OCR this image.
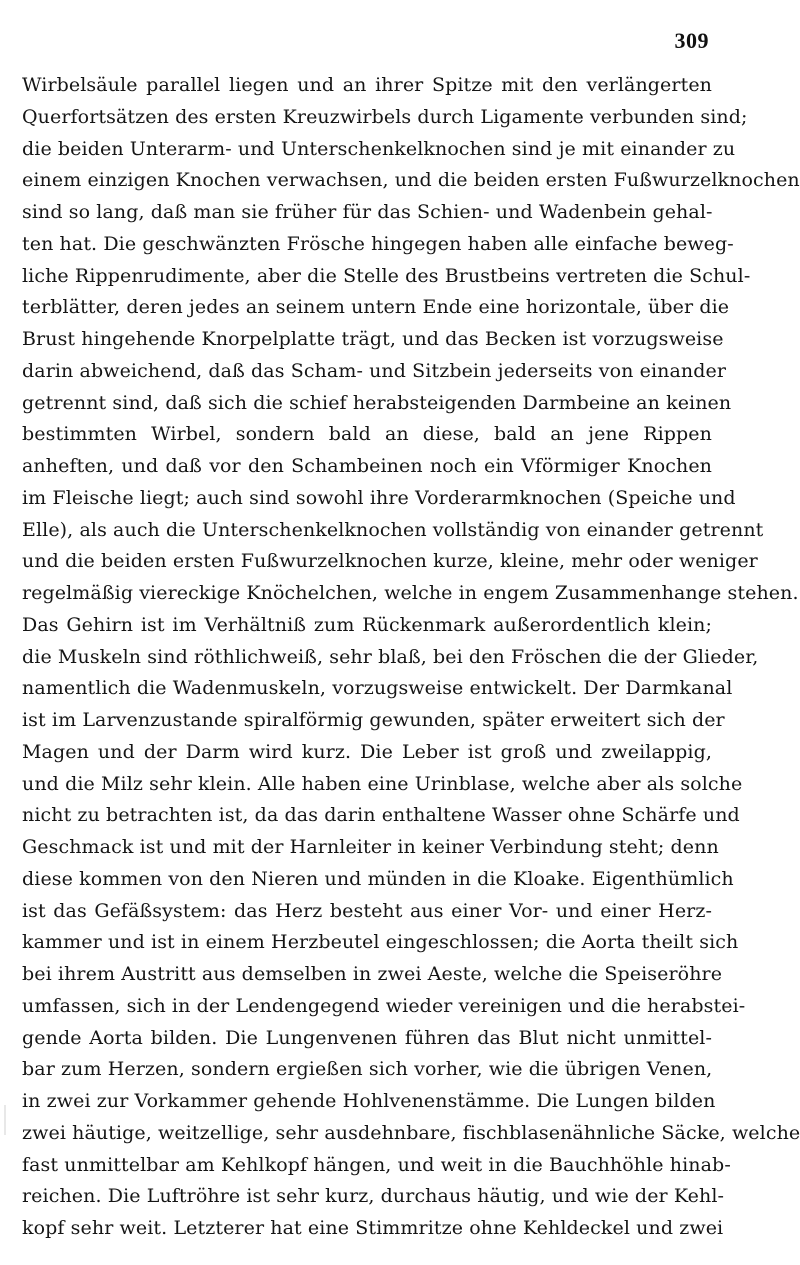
309
Wirbelsäule parallel liegen und an ihrer Spitze mit den verlängerten
Querfortsätzen des ersten Kreuzwirbels durch Ligamente verbunden sind;
die beiden Unterarm- und Unterschenkelknochen sind je mit einander zu
einem einzigen Knochen verwachsen, und die beiden ersten Fußwurzelknochen
sind so lang, daß man sie früher für das Schien- und Wadenbein gehal-
ten hat. Die geschwänzten Frösche hingegen haben alle einfache beweg-
liche Rippenrudimente, aber die Stelle des Brustbeins vertreten die Schul-
terblätter, deren jedes an seinem untern Ende eine horizontale, über die
Brust hingehende Knorpelplatte trägt, und das Becken ist vorzugsweise
darin abweichend, daß das Scham- und Sitzbein jederseits von einander
getrennt sind, daß sich die schief herabsteigenden Darmbeine an keinen
bestimmten Wirbel, sondern bald an diese, bald an jene Rippen
anheften, und daß vor den Schambeinen noch ein Vförmiger Knochen
im Fleische liegt; auch sind sowohl ihre Vorderarmknochen (Speiche und
Elle), als auch die Unterschenkelknochen vollständig von einander getrennt
und die beiden ersten Fußwurzelknochen kurze, kleine, mehr oder weniger
regelmäßig viereckige Knöchelchen, welche in engem Zusammenhange stehen.
Das Gehirn ist im Verhältniß zum Rückenmark außerordentlich klein;
die Muskeln sind röthlichweiß, sehr blaß, bei den Fröschen die der Glieder,
namentlich die Wadenmuskeln, vorzugsweise entwickelt. Der Darmkanal
ist im Larvenzustande spiralförmig gewunden, später erweitert sich der
Magen und der Darm wird kurz. Die Leber ist groß und zweilappig,
und die Milz sehr klein. Alle haben eine Urinblase, welche aber als solche
nicht zu betrachten ist, da das darin enthaltene Wasser ohne Schärfe und
Geschmack ist und mit der Harnleiter in keiner Verbindung steht; denn
diese kommen von den Nieren und münden in die Kloake. Eigenthümlich
ist das Gefäßsystem: das Herz besteht aus einer Vor- und einer Herz-
kammer und ist in einem Herzbeutel eingeschlossen; die Aorta theilt sich
bei ihrem Austritt aus demselben in zwei Aeste, welche die Speiseröhre
umfassen, sich in der Lendengegend wieder vereinigen und die herabstei-
gende Aorta bilden. Die Lungenvenen führen das Blut nicht unmittel-
bar zum Herzen, sondern ergießen sich vorher, wie die übrigen Venen,
in zwei zur Vorkammer gehende Hohlvenenstämme. Die Lungen bilden
zwei häutige, weitzellige, sehr ausdehnbare, fischblasenähnliche Säcke, welche
fast unmittelbar am Kehlkopf hängen, und weit in die Bauchhöhle hinab-
reichen. Die Luftröhre ist sehr kurz, durchaus häutig, und wie der Kehl-
kopf sehr weit. Letzterer hat eine Stimmritze ohne Kehldeckel und zwei
